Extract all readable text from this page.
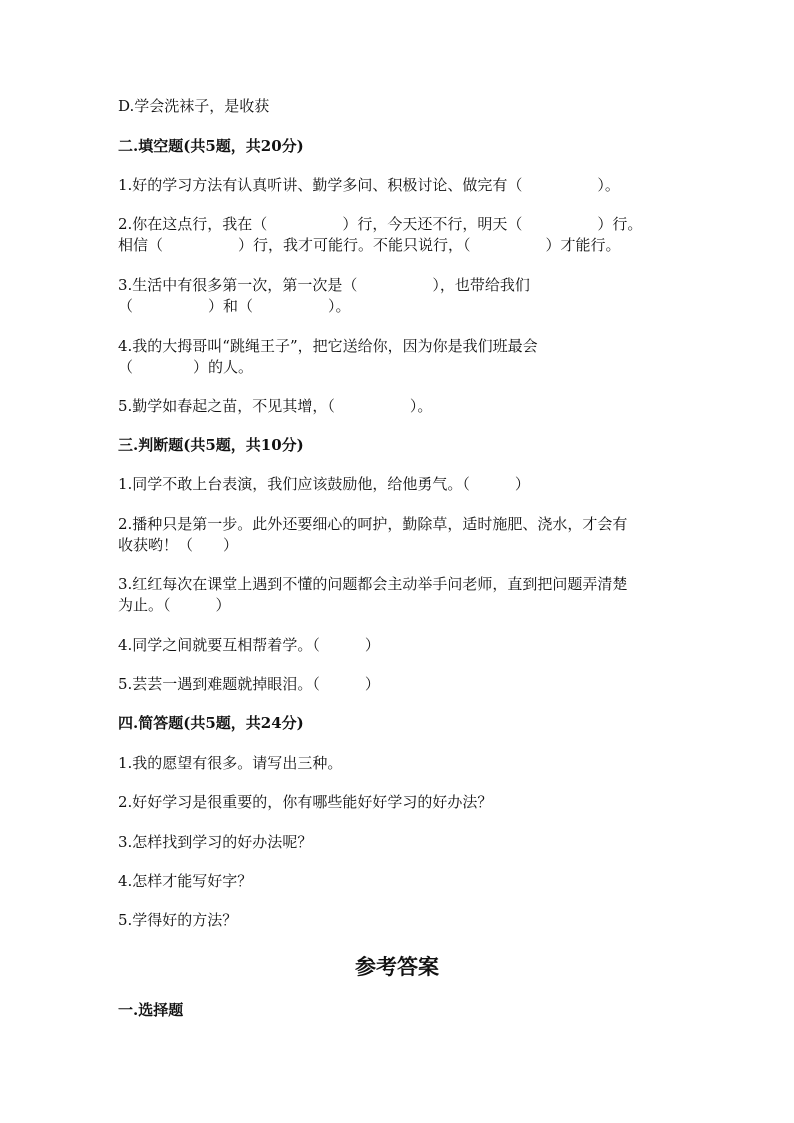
D.学会洗袜子，是收获
二.填空题(共5题，共20分)
1.好的学习方法有认真听讲、勤学多问、积极讨论、做完有（　　　　　）。
2.你在这点行，我在（　　　　　）行，今天还不行，明天（　　　　　）行。
相信（　　　　　）行，我才可能行。不能只说行，（　　　　　）才能行。
3.生活中有很多第一次，第一次是（　　　　　），也带给我们
（　　　　　）和（　　　　　）。
4.我的大拇哥叫“跳绳王子”，把它送给你，因为你是我们班最会
（　　　　）的人。
5.勤学如春起之苗，不见其增，（　　　　　）。
三.判断题(共5题，共10分)
1.同学不敢上台表演，我们应该鼓励他，给他勇气。（　　　）
2.播种只是第一步。此外还要细心的呵护，勤除草，适时施肥、浇水，才会有
收获哟！（　　）
3.红红每次在课堂上遇到不懂的问题都会主动举手问老师，直到把问题弄清楚
为止。（　　　）
4.同学之间就要互相帮着学。（　　　）
5.芸芸一遇到难题就掉眼泪。（　　　）
四.简答题(共5题，共24分)
1.我的愿望有很多。请写出三种。
2.好好学习是很重要的，你有哪些能好好学习的好办法？
3.怎样找到学习的好办法呢？
4.怎样才能写好字？
5.学得好的方法？
参考答案
一.选择题
